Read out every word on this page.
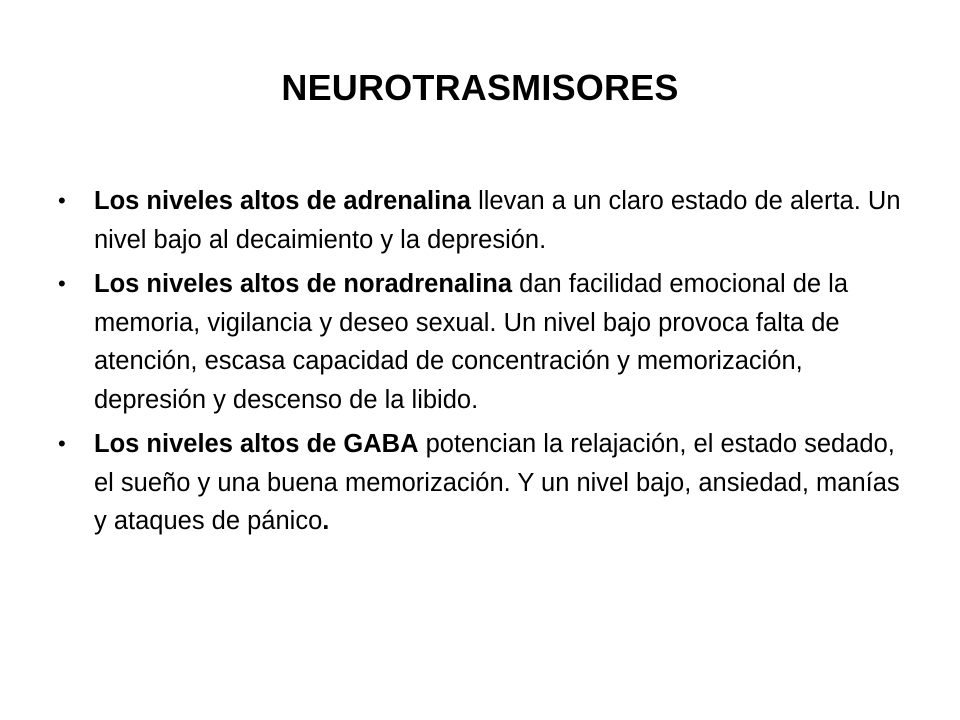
NEUROTRASMISORES
• Los niveles altos de adrenalina llevan a un claro estado de alerta. Un nivel bajo al decaimiento y la depresión.
• Los niveles altos de noradrenalina dan facilidad emocional de la memoria, vigilancia y deseo sexual. Un nivel bajo provoca falta de atención, escasa capacidad de concentración y memorización, depresión y descenso de la libido.
• Los niveles altos de GABA potencian la relajación, el estado sedado, el sueño y una buena memorización. Y un nivel bajo, ansiedad, manías y ataques de pánico.
